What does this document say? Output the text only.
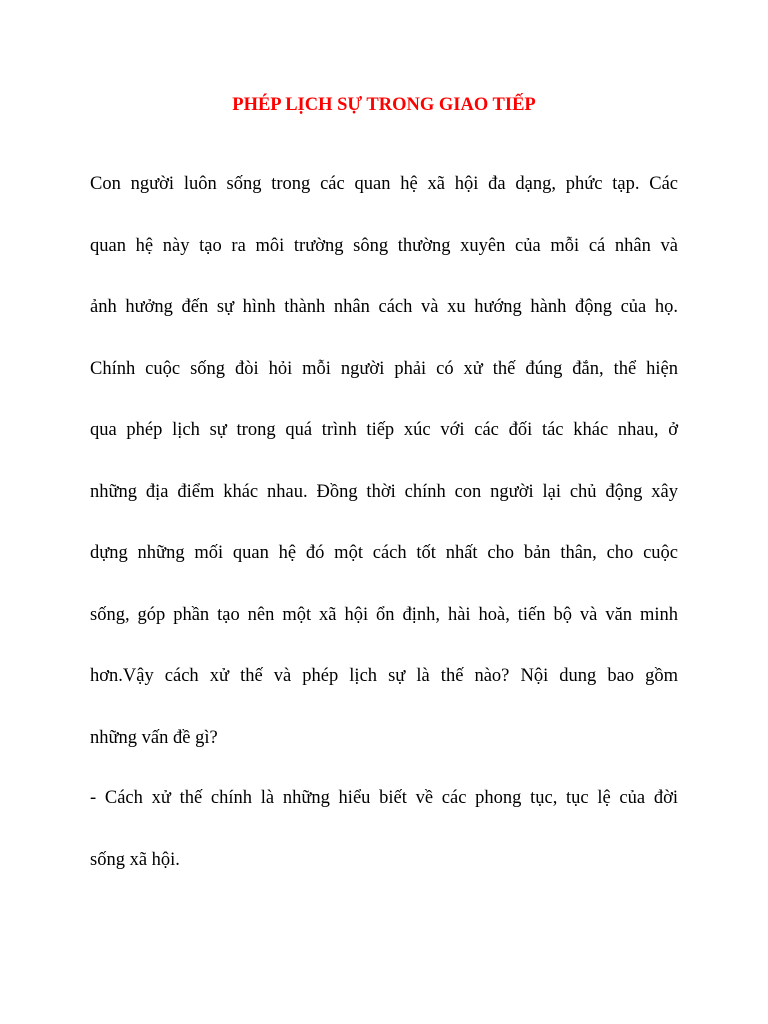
PHÉP LỊCH SỰ TRONG GIAO TIẾP

Con người luôn sống trong các quan hệ xã hội đa dạng, phức tạp. Các
quan hệ này tạo ra môi trường sông thường xuyên của mỗi cá nhân và
ảnh hưởng đến sự hình thành nhân cách và xu hướng hành động của họ.
Chính cuộc sống đòi hỏi mỗi người phải có xử thế đúng đắn, thể hiện
qua phép lịch sự trong quá trình tiếp xúc với các đối tác khác nhau, ở
những địa điểm khác nhau. Đồng thời chính con người lại chủ động xây
dựng những mối quan hệ đó một cách tốt nhất cho bản thân, cho cuộc
sống, góp phần tạo nên một xã hội ổn định, hài hoà, tiến bộ và văn minh
hơn.Vậy cách xử thế và phép lịch sự là thế nào? Nội dung bao gồm
những vấn đề gì?

- Cách xử thế chính là những hiểu biết về các phong tục, tục lệ của đời
sống xã hội.
